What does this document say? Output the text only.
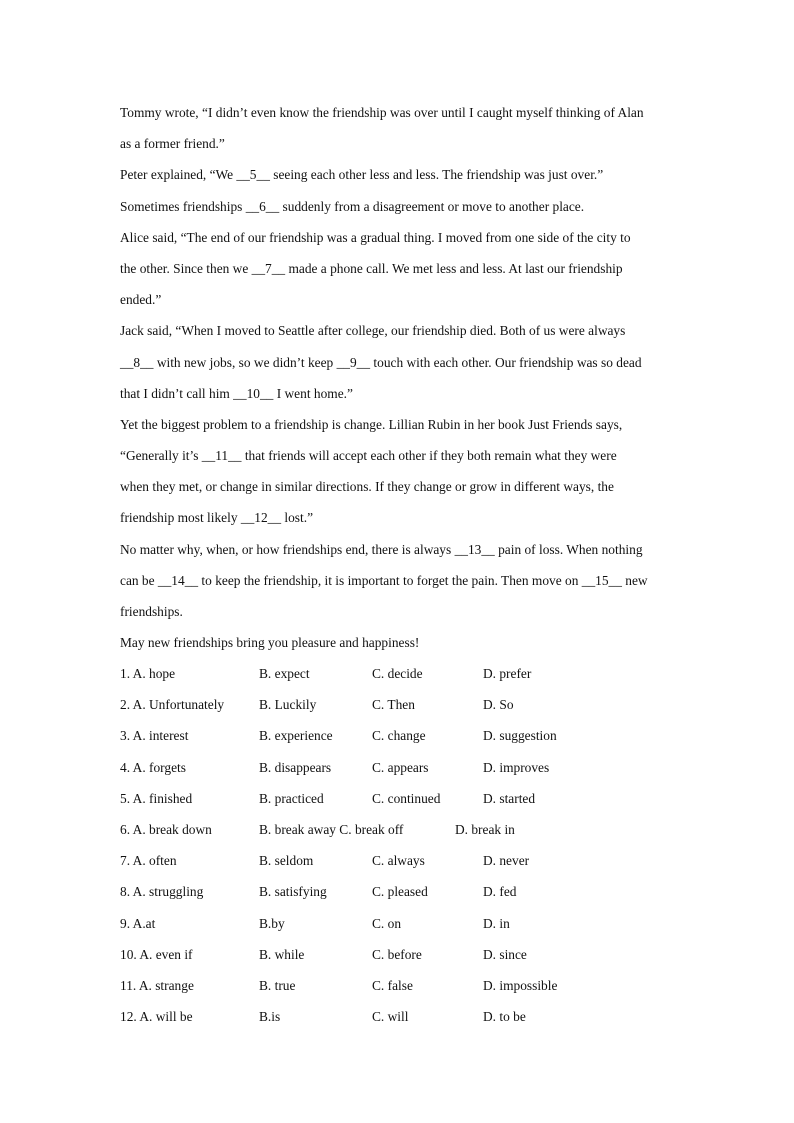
Tommy wrote, “I didn’t even know the friendship was over until I caught myself thinking of Alan
as a former friend.”
Peter explained, “We __5__ seeing each other less and less. The friendship was just over.”
Sometimes friendships __6__ suddenly from a disagreement or move to another place.
Alice said, “The end of our friendship was a gradual thing. I moved from one side of the city to
the other. Since then we __7__ made a phone call. We met less and less. At last our friendship
ended.”
Jack said, “When I moved to Seattle after college, our friendship died. Both of us were always
__8__ with new jobs, so we didn’t keep __9__ touch with each other. Our friendship was so dead
that I didn’t call him __10__ I went home.”
Yet the biggest problem to a friendship is change. Lillian Rubin in her book Just Friends says,
“Generally it’s __11__ that friends will accept each other if they both remain what they were
when they met, or change in similar directions. If they change or grow in different ways, the
friendship most likely __12__ lost.”
No matter why, when, or how friendships end, there is always __13__ pain of loss. When nothing
can be __14__ to keep the friendship, it is important to forget the pain. Then move on __15__ new
friendships.
May new friendships bring you pleasure and happiness!
1. A. hope	B. expect	C. decide	D. prefer
2. A. Unfortunately	B. Luckily	C. Then	D. So
3. A. interest	B. experience	C. change	D. suggestion
4. A. forgets	B. disappears	C. appears	D. improves
5. A. finished	B. practiced	C. continued	D. started
6. A. break down	B. break away C. break off	D. break in
7. A. often	B. seldom	C. always	D. never
8. A. struggling	B. satisfying	C. pleased	D. fed
9. A.at	B.by	C. on	D. in
10. A. even if	B. while	C. before	D. since
11. A. strange	B. true	C. false	D. impossible
12. A. will be	B.is	C. will	D. to be
